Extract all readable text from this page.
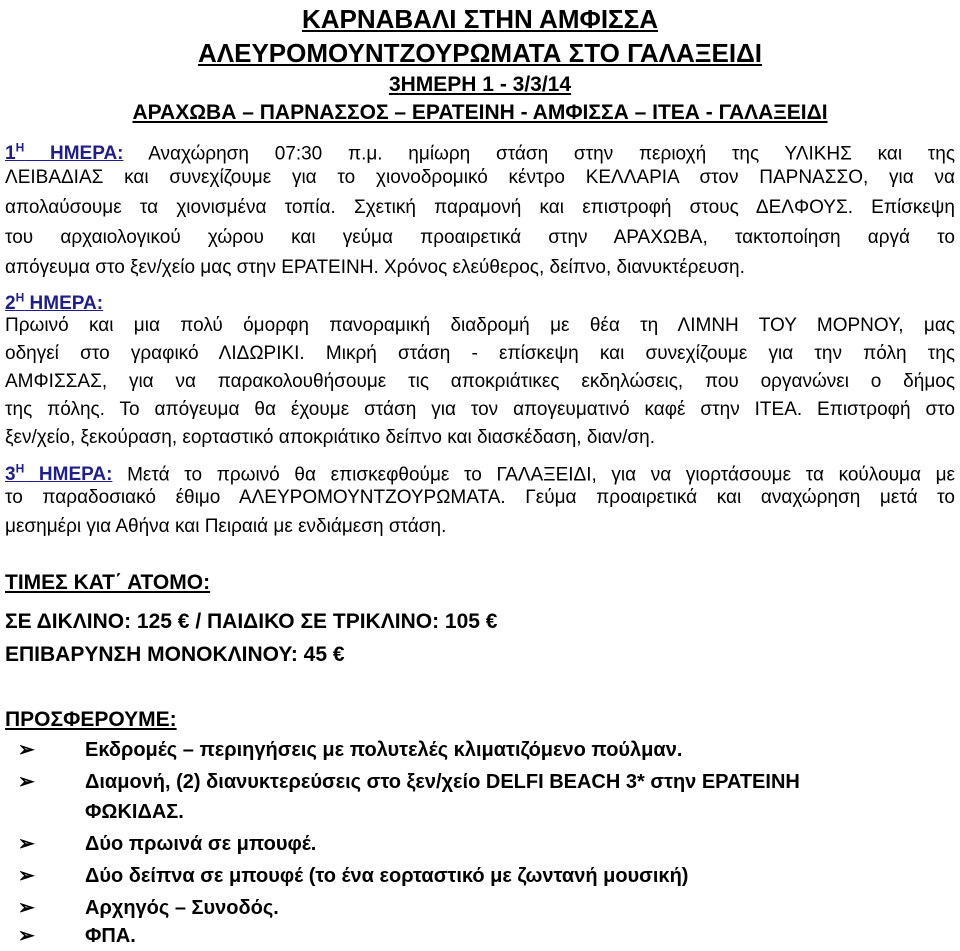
ΚΑΡΝΑΒΑΛΙ ΣΤΗΝ ΑΜΦΙΣΣΑ
ΑΛΕΥΡΟΜΟΥΝΤΖΟΥΡΩΜΑΤΑ ΣΤΟ ΓΑΛΑΞΕΙΔΙ
3ΗΜΕΡΗ 1 - 3/3/14
ΑΡΑΧΩΒΑ – ΠΑΡΝΑΣΣΟΣ – ΕΡΑΤΕΙΝΗ - ΑΜΦΙΣΣΑ – ΙΤΕΑ - ΓΑΛΑΞΕΙΔΙ
$1^H$ ΗΜΕΡΑ: Αναχώρηση 07:30 π.μ. ημίωρη στάση στην περιοχή της ΥΛΙΚΗΣ και της
ΛΕΙΒΑΔΙΑΣ και συνεχίζουμε για το χιονοδρομικό κέντρο ΚΕΛΛΑΡΙΑ στον ΠΑΡΝΑΣΣΟ, για να
απολαύσουμε τα χιονισμένα τοπία. Σχετική παραμονή και επιστροφή στους ΔΕΛΦΟΥΣ. Επίσκεψη
του αρχαιολογικού χώρου και γεύμα προαιρετικά στην ΑΡΑΧΩΒΑ, τακτοποίηση αργά το
απόγευμα στο ξεν/χείο μας στην ΕΡΑΤΕΙΝΗ. Χρόνος ελεύθερος, δείπνο, διανυκτέρευση.
$2^H$ ΗΜΕΡΑ:
Πρωινό και μια πολύ όμορφη πανοραμική διαδρομή με θέα τη ΛΙΜΝΗ ΤΟΥ ΜΟΡΝΟΥ, μας
οδηγεί στο γραφικό ΛΙΔΩΡΙΚΙ. Μικρή στάση - επίσκεψη και συνεχίζουμε για την πόλη της
ΑΜΦΙΣΣΑΣ, για να παρακολουθήσουμε τις αποκριάτικες εκδηλώσεις, που οργανώνει ο δήμος
της πόλης. Το απόγευμα θα έχουμε στάση για τον απογευματινό καφέ στην ΙΤΕΑ. Επιστροφή στο
ξεν/χείο, ξεκούραση, εορταστικό αποκριάτικο δείπνο και διασκέδαση, διαν/ση.
$3^H$ ΗΜΕΡΑ: Μετά το πρωινό θα επισκεφθούμε το ΓΑΛΑΞΕΙΔΙ, για να γιορτάσουμε τα κούλουμα με
το παραδοσιακό έθιμο ΑΛΕΥΡΟΜΟΥΝΤΖΟΥΡΩΜΑΤΑ. Γεύμα προαιρετικά και αναχώρηση μετά το
μεσημέρι για Αθήνα και Πειραιά με ενδιάμεση στάση.
ΤΙΜΕΣ ΚΑΤ΄ ΑΤΟΜΟ:
ΣΕ ΔΙΚΛΙΝΟ: 125 € / ΠΑΙΔΙΚΟ ΣΕ ΤΡΙΚΛΙΝΟ: 105 €
ΕΠΙΒΑΡΥΝΣΗ ΜΟΝΟΚΛΙΝΟΥ: 45 €
ΠΡΟΣΦΕΡΟΥΜΕ:
➢	Εκδρομές – περιηγήσεις με πολυτελές κλιματιζόμενο πούλμαν.
➢	Διαμονή, (2) διανυκτερεύσεις στο ξεν/χείο DELFI BEACH 3* στην ΕΡΑΤΕΙΝΗ
ΦΩΚΙΔΑΣ.
➢	Δύο πρωινά σε μπουφέ.
➢	Δύο δείπνα σε μπουφέ (το ένα εορταστικό με ζωντανή μουσική)
➢	Αρχηγός – Συνοδός.
➢	ΦΠΑ.
